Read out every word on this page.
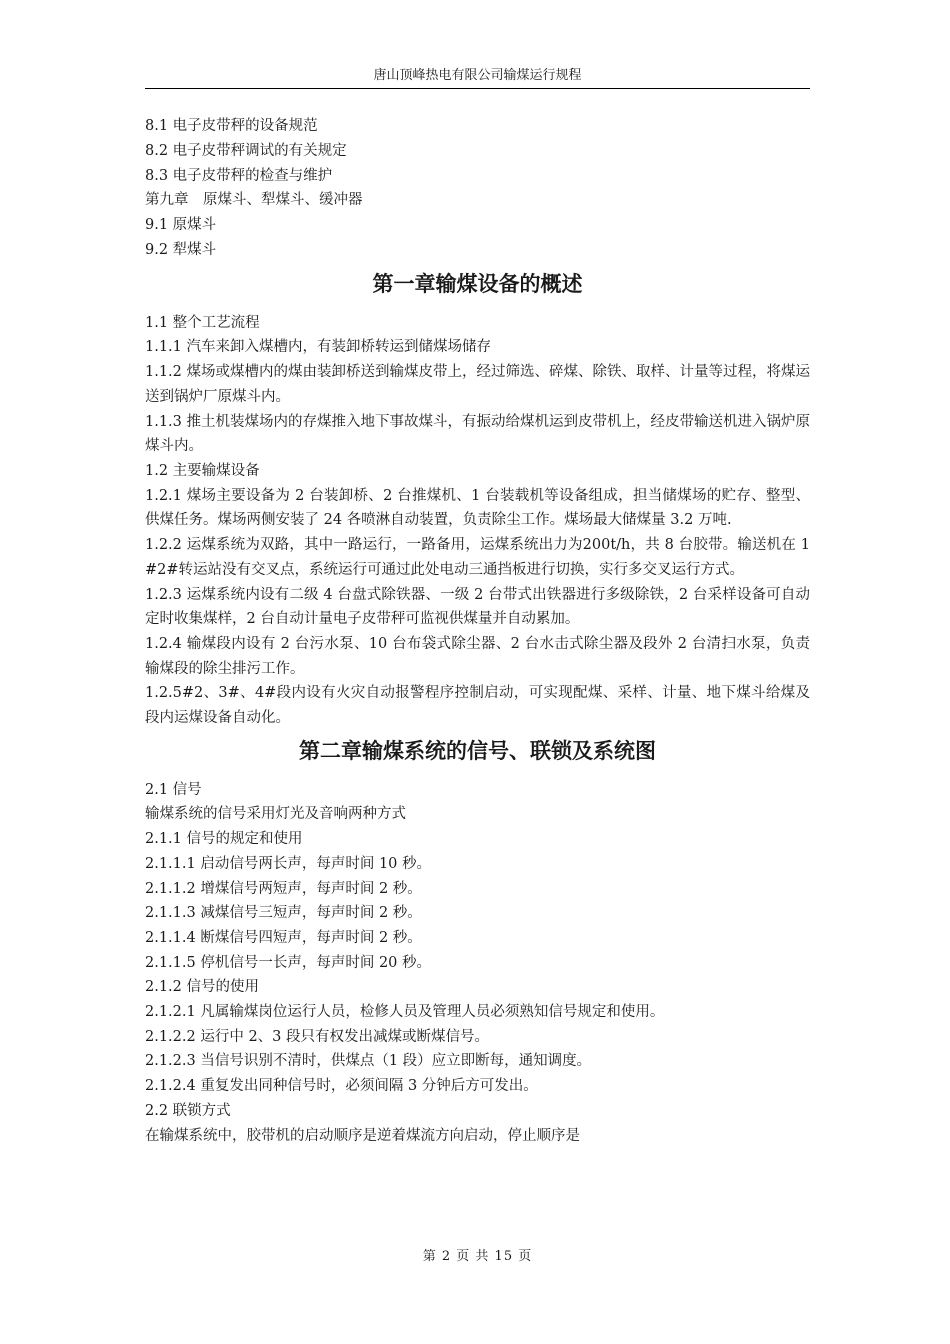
唐山顶峰热电有限公司输煤运行规程

8.1 电子皮带秤的设备规范

8.2 电子皮带秤调试的有关规定

8.3 电子皮带秤的检查与维护

第九章　原煤斗、犁煤斗、缓冲器

9.1 原煤斗

9.2 犁煤斗

第一章输煤设备的概述

1.1 整个工艺流程

1.1.1 汽车来卸入煤槽内，有装卸桥转运到储煤场储存

1.1.2 煤场或煤槽内的煤由装卸桥送到输煤皮带上，经过筛选、碎煤、除铁、取样、计量等过程，将煤运送到锅炉厂原煤斗内。

1.1.3 推土机装煤场内的存煤推入地下事故煤斗，有振动给煤机运到皮带机上，经皮带输送机进入锅炉原煤斗内。

1.2 主要输煤设备

1.2.1 煤场主要设备为 2 台装卸桥、2 台推煤机、1 台装载机等设备组成，担当储煤场的贮存、整型、供煤任务。煤场两侧安装了 24 各喷淋自动装置，负责除尘工作。煤场最大储煤量 3.2 万吨.

1.2.2 运煤系统为双路，其中一路运行，一路备用，运煤系统出力为200t/h，共 8 台胶带。输送机在 1#2#转运站没有交叉点，系统运行可通过此处电动三通挡板进行切换，实行多交叉运行方式。

1.2.3 运煤系统内设有二级 4 台盘式除铁器、一级 2 台带式出铁器进行多级除铁，2 台采样设备可自动定时收集煤样，2 台自动计量电子皮带秤可监视供煤量并自动累加。

1.2.4 输煤段内设有 2 台污水泵、10 台布袋式除尘器、2 台水击式除尘器及段外 2 台清扫水泵，负责输煤段的除尘排污工作。

1.2.5#2、3#、4#段内设有火灾自动报警程序控制启动，可实现配煤、采样、计量、地下煤斗给煤及段内运煤设备自动化。

第二章输煤系统的信号、联锁及系统图

2.1 信号

输煤系统的信号采用灯光及音响两种方式

2.1.1 信号的规定和使用

2.1.1.1 启动信号两长声，每声时间 10 秒。

2.1.1.2 增煤信号两短声，每声时间 2 秒。

2.1.1.3 减煤信号三短声，每声时间 2 秒。

2.1.1.4 断煤信号四短声，每声时间 2 秒。

2.1.1.5 停机信号一长声，每声时间 20 秒。

2.1.2 信号的使用

2.1.2.1 凡属输煤岗位运行人员，检修人员及管理人员必须熟知信号规定和使用。

2.1.2.2 运行中 2、3 段只有权发出减煤或断煤信号。

2.1.2.3 当信号识别不清时，供煤点（1 段）应立即断每，通知调度。

2.1.2.4 重复发出同种信号时，必须间隔 3 分钟后方可发出。

2.2 联锁方式

在输煤系统中，胶带机的启动顺序是逆着煤流方向启动，停止顺序是

第 2 页 共 15 页
